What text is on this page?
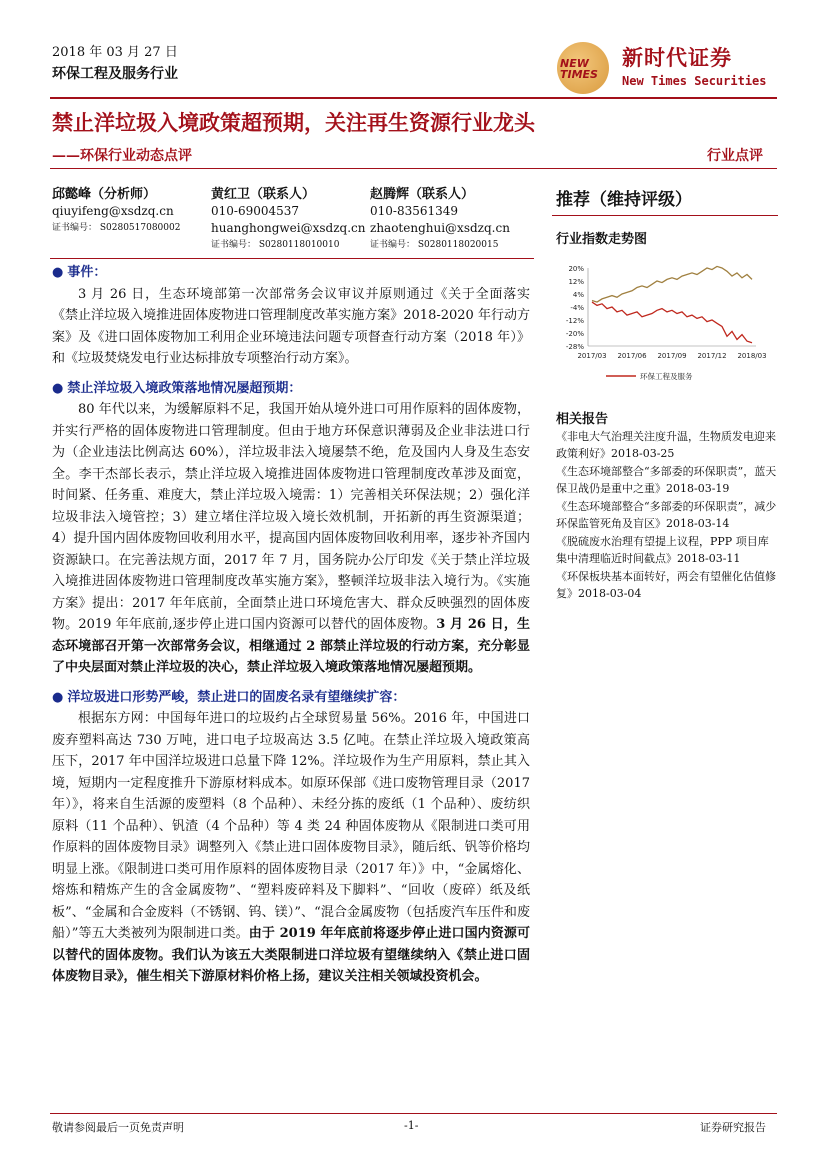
2018 年 03 月 27 日
环保工程及服务行业
NEW
TIMES
新时代证券
New Times Securities
禁止洋垃圾入境政策超预期，关注再生资源行业龙头
——环保行业动态点评	行业点评
邱懿峰（分析师）
qiuyifeng@xsdzq.cn
证书编号： S0280517080002
黄红卫（联系人）
010-69004537
huanghongwei@xsdzq.cn
证书编号： S0280118010010
赵腾辉（联系人）
010-83561349
zhaotenghui@xsdzq.cn
证书编号： S0280118020015
推荐（维持评级）
行业指数走势图
20%
12%
4%
-4%
-12%
-20%
-28%
2017/03 2017/06 2017/09 2017/12 2018/03
环保工程及服务
相关报告
《非电大气治理关注度升温，生物质发电迎来政策利好》2018-03-25
《生态环境部整合“多部委的环保职责”，蓝天保卫战仍是重中之重》2018-03-19
《生态环境部整合“多部委的环保职责”，减少环保监管死角及盲区》2018-03-14
《脱硫废水治理有望提上议程，PPP 项目库集中清理临近时间截点》2018-03-11
《环保板块基本面转好，两会有望催化估值修复》2018-03-04
● 事件：

3 月 26 日，生态环境部第一次部常务会议审议并原则通过《关于全面落实《禁止洋垃圾入境推进固体废物进口管理制度改革实施方案》2018-2020 年行动方案》及《进口固体废物加工利用企业环境违法问题专项督查行动方案（2018 年）》和《垃圾焚烧发电行业达标排放专项整治行动方案》。

● 禁止洋垃圾入境政策落地情况屡超预期：

80 年代以来，为缓解原料不足，我国开始从境外进口可用作原料的固体废物，并实行严格的固体废物进口管理制度。但由于地方环保意识薄弱及企业非法进口行为（企业违法比例高达 60%），洋垃圾非法入境屡禁不绝，危及国内人身及生态安全。李干杰部长表示，禁止洋垃圾入境推进固体废物进口管理制度改革涉及面宽，时间紧、任务重、难度大，禁止洋垃圾入境需：1）完善相关环保法规；2）强化洋垃圾非法入境管控；3）建立堵住洋垃圾入境长效机制，开拓新的再生资源渠道；4）提升国内固体废物回收利用水平，提高国内固体废物回收利用率，逐步补齐国内资源缺口。在完善法规方面，2017 年 7 月，国务院办公厅印发《关于禁止洋垃圾入境推进固体废物进口管理制度改革实施方案》，整顿洋垃圾非法入境行为。《实施方案》提出：2017 年年底前，全面禁止进口环境危害大、群众反映强烈的固体废物。2019 年年底前,逐步停止进口国内资源可以替代的固体废物。3 月 26 日，生态环境部召开第一次部常务会议，相继通过 2 部禁止洋垃圾的行动方案，充分彰显了中央层面对禁止洋垃圾的决心，禁止洋垃圾入境政策落地情况屡超预期。

● 洋垃圾进口形势严峻，禁止进口的固废名录有望继续扩容：

根据东方网：中国每年进口的垃圾约占全球贸易量 56%。2016 年，中国进口废弃塑料高达 730 万吨，进口电子垃圾高达 3.5 亿吨。在禁止洋垃圾入境政策高压下，2017 年中国洋垃圾进口总量下降 12%。洋垃圾作为生产用原料，禁止其入境，短期内一定程度推升下游原材料成本。如原环保部《进口废物管理目录（2017 年）》，将来自生活源的废塑料（8 个品种）、未经分拣的废纸（1 个品种）、废纺织原料（11 个品种）、钒渣（4 个品种）等 4 类 24 种固体废物从《限制进口类可用作原料的固体废物目录》调整列入《禁止进口固体废物目录》，随后纸、钒等价格均明显上涨。《限制进口类可用作原料的固体废物目录（2017 年）》中，“金属熔化、熔炼和精炼产生的含金属废物”、“塑料废碎料及下脚料”、“回收（废碎）纸及纸板”、“金属和合金废料（不锈钢、钨、镁）”、“混合金属废物（包括废汽车压件和废船）”等五大类被列为限制进口类。由于 2019 年年底前将逐步停止进口国内资源可以替代的固体废物。我们认为该五大类限制进口洋垃圾有望继续纳入《禁止进口固体废物目录》，催生相关下游原材料价格上扬，建议关注相关领域投资机会。

敬请参阅最后一页免责声明	-1-	证券研究报告
